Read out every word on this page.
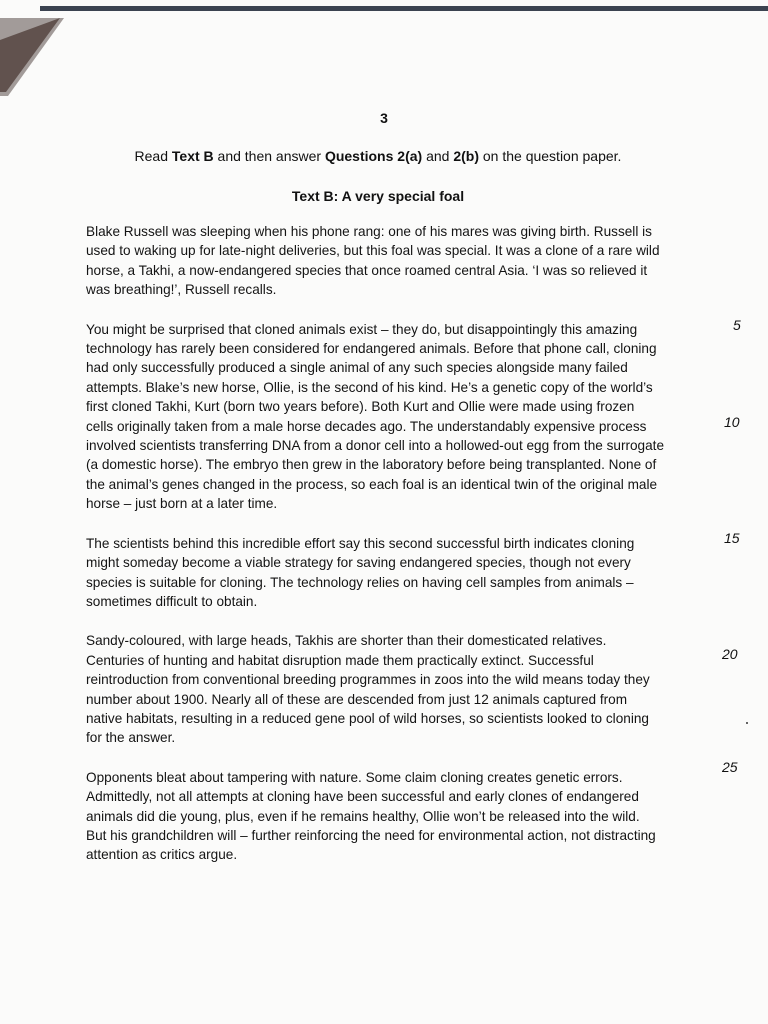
3
Read Text B and then answer Questions 2(a) and 2(b) on the question paper.
Text B: A very special foal
Blake Russell was sleeping when his phone rang: one of his mares was giving birth. Russell is
used to waking up for late-night deliveries, but this foal was special. It was a clone of a rare wild
horse, a Takhi, a now-endangered species that once roamed central Asia. ‘I was so relieved it
was breathing!’, Russell recalls.
You might be surprised that cloned animals exist – they do, but disappointingly this amazing
technology has rarely been considered for endangered animals. Before that phone call, cloning
had only successfully produced a single animal of any such species alongside many failed
attempts. Blake’s new horse, Ollie, is the second of his kind. He’s a genetic copy of the world’s
first cloned Takhi, Kurt (born two years before). Both Kurt and Ollie were made using frozen
cells originally taken from a male horse decades ago. The understandably expensive process
involved scientists transferring DNA from a donor cell into a hollowed-out egg from the surrogate
(a domestic horse). The embryo then grew in the laboratory before being transplanted. None of
the animal’s genes changed in the process, so each foal is an identical twin of the original male
horse – just born at a later time.
The scientists behind this incredible effort say this second successful birth indicates cloning
might someday become a viable strategy for saving endangered species, though not every
species is suitable for cloning. The technology relies on having cell samples from animals –
sometimes difficult to obtain.
Sandy-coloured, with large heads, Takhis are shorter than their domesticated relatives.
Centuries of hunting and habitat disruption made them practically extinct. Successful
reintroduction from conventional breeding programmes in zoos into the wild means today they
number about 1900. Nearly all of these are descended from just 12 animals captured from
native habitats, resulting in a reduced gene pool of wild horses, so scientists looked to cloning
for the answer.
Opponents bleat about tampering with nature. Some claim cloning creates genetic errors.
Admittedly, not all attempts at cloning have been successful and early clones of endangered
animals did die young, plus, even if he remains healthy, Ollie won’t be released into the wild.
But his grandchildren will – further reinforcing the need for environmental action, not distracting
attention as critics argue.
5
10
15
20
25
